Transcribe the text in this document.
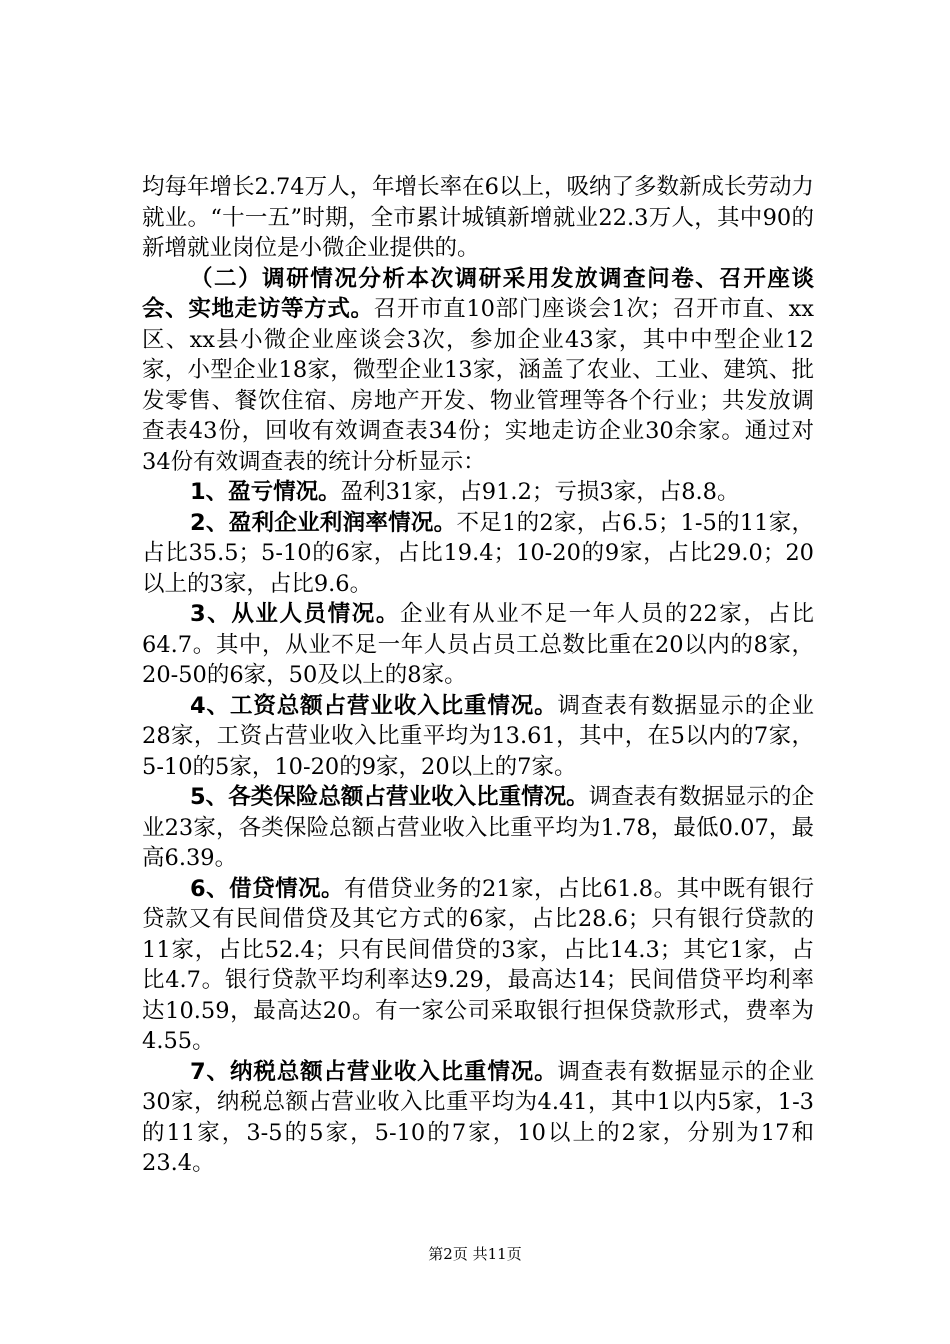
均每年增长2.74万人，年增长率在6以上，吸纳了多数新成长劳动力就业。“十一五”时期，全市累计城镇新增就业22.3万人，其中90的新增就业岗位是小微企业提供的。

（二）调研情况分析本次调研采用发放调查问卷、召开座谈会、实地走访等方式。召开市直10部门座谈会1次；召开市直、xx区、xx县小微企业座谈会3次，参加企业43家，其中中型企业12家，小型企业18家，微型企业13家，涵盖了农业、工业、建筑、批发零售、餐饮住宿、房地产开发、物业管理等各个行业；共发放调查表43份，回收有效调查表34份；实地走访企业30余家。通过对34份有效调查表的统计分析显示：

1、盈亏情况。盈利31家，占91.2；亏损3家，占8.8。

2、盈利企业利润率情况。不足1的2家，占6.5；1-5的11家，占比35.5；5-10的6家，占比19.4；10-20的9家，占比29.0；20以上的3家，占比9.6。

3、从业人员情况。企业有从业不足一年人员的22家，占比64.7。其中，从业不足一年人员占员工总数比重在20以内的8家，20-50的6家，50及以上的8家。

4、工资总额占营业收入比重情况。调查表有数据显示的企业28家，工资占营业收入比重平均为13.61，其中，在5以内的7家，5-10的5家，10-20的9家，20以上的7家。

5、各类保险总额占营业收入比重情况。调查表有数据显示的企业23家，各类保险总额占营业收入比重平均为1.78，最低0.07，最高6.39。

6、借贷情况。有借贷业务的21家，占比61.8。其中既有银行贷款又有民间借贷及其它方式的6家，占比28.6；只有银行贷款的11家，占比52.4；只有民间借贷的3家，占比14.3；其它1家，占比4.7。银行贷款平均利率达9.29，最高达14；民间借贷平均利率达10.59，最高达20。有一家公司采取银行担保贷款形式，费率为4.55。

7、纳税总额占营业收入比重情况。调查表有数据显示的企业30家，纳税总额占营业收入比重平均为4.41，其中1以内5家，1-3的11家，3-5的5家，5-10的7家，10以上的2家，分别为17和23.4。

第2页 共11页
